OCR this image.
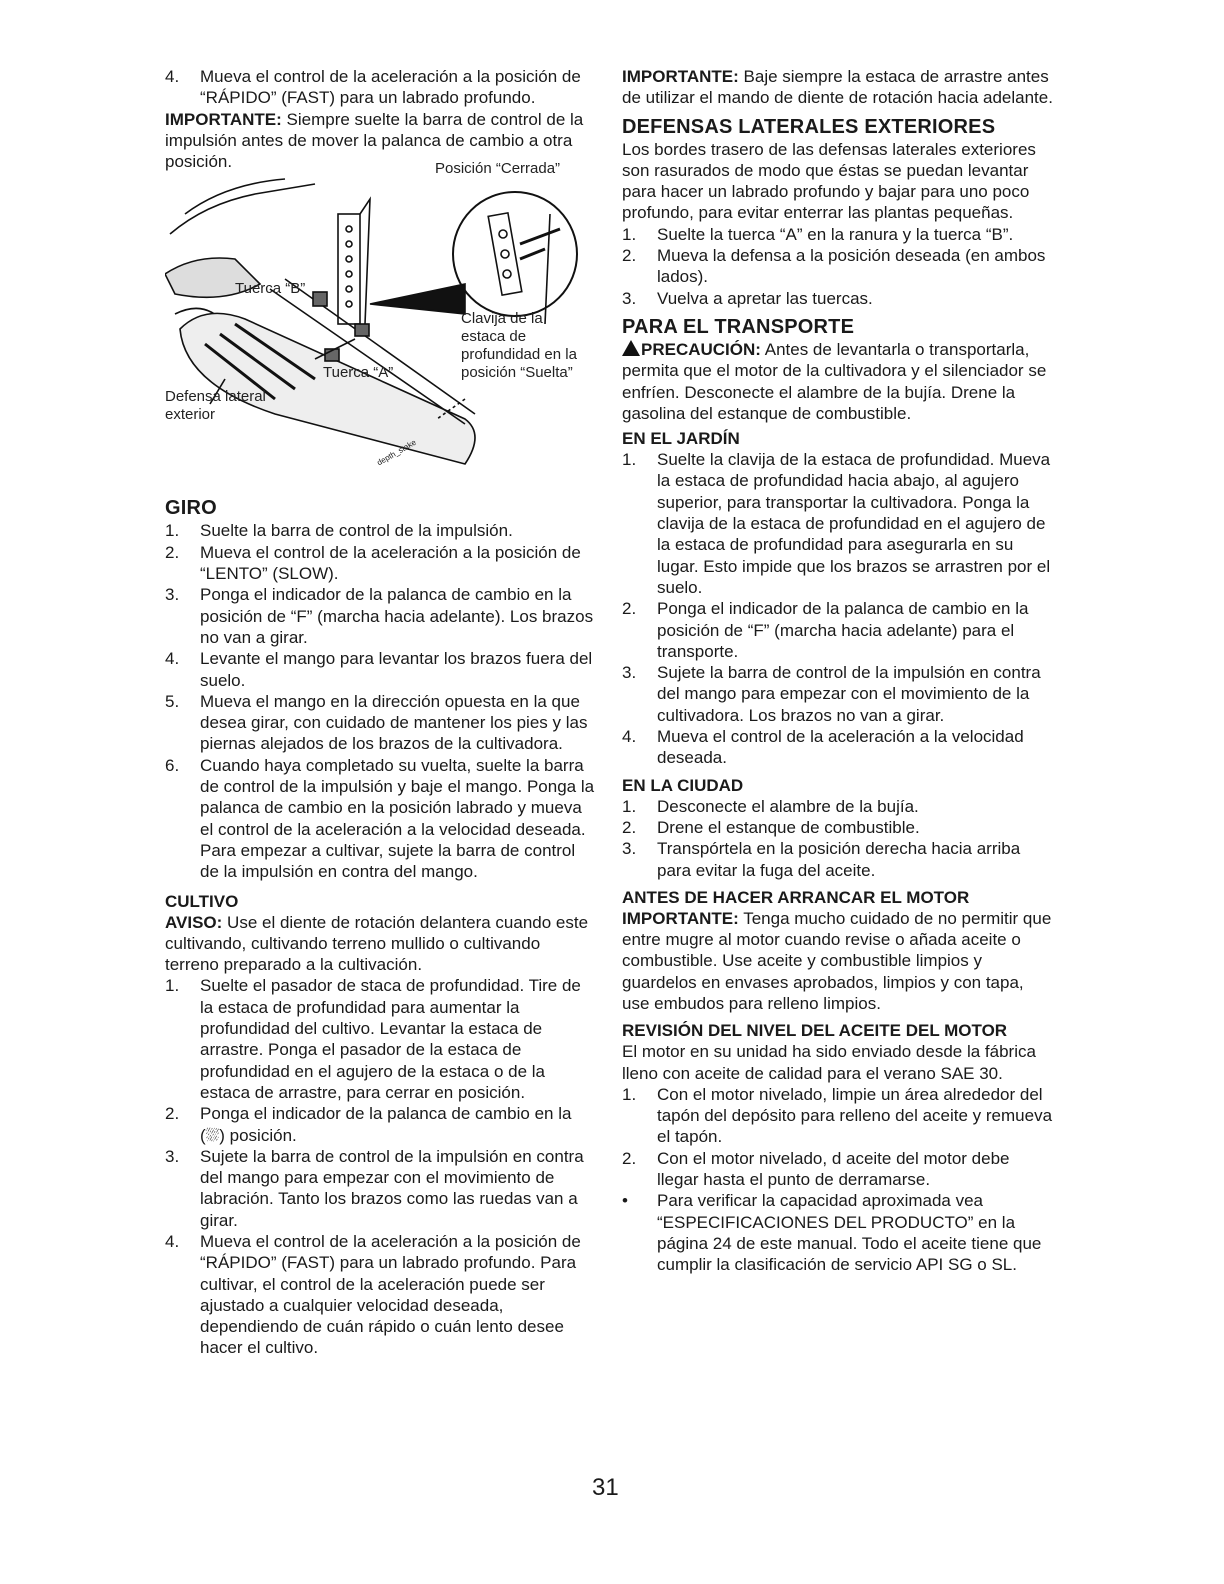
4. Mueva el control de la aceleración a la posición de “RÁPIDO” (FAST) para un labrado profundo.

IMPORTANTE: Siempre suelte la barra de control de la impulsión antes de mover la palanca de cambio a otra posición.	Posición “Cerrada”
Tuerca “B”
Tuerca “A”
Clavija de la estaca de profundidad en la posición “Suelta”
Defensa lateral exterior
depth_stake
GIRO
1. Suelte la barra de control de la impulsión.
2. Mueva el control de la aceleración a la posición de “LENTO” (SLOW).
3. Ponga el indicador de la palanca de cambio en la posición de “F” (marcha hacia adelante). Los brazos no van a girar.
4. Levante el mango para levantar los brazos fuera del suelo.
5. Mueva el mango en la dirección opuesta en la que desea girar, con cuidado de mantener los pies y las piernas alejados de los brazos de la cultivadora.
6. Cuando haya completado su vuelta, suelte la barra de control de la impulsión y baje el mango. Ponga la palanca de cambio en la posición labrado y mueva el control de la aceleración a la velocidad deseada. Para empezar a cultivar, sujete la barra de control de la impulsión en contra del mango.
CULTIVO

AVISO: Use el diente de rotación delantera cuando este cultivando, cultivando terreno mullido o cultivando terreno preparado a la cultivación.

1. Suelte el pasador de staca de profundidad. Tire de la estaca de profundidad para aumentar la profundidad del cultivo. Levantar la estaca de arrastre. Ponga el pasador de la estaca de profundidad en el agujero de la estaca o de la estaca de arrastre, para cerrar en posición.
2. Ponga el indicador de la palanca de cambio en la (⛆) posición.
3. Sujete la barra de control de la impulsión en contra del mango para empezar con el movimiento de labración. Tanto los brazos como las ruedas van a girar.
4. Mueva el control de la aceleración a la posición de “RÁPIDO” (FAST) para un labrado profundo. Para cultivar, el control de la aceleración puede ser ajustado a cualquier velocidad deseada, dependiendo de cuán rápido o cuán lento desee hacer el cultivo.

IMPORTANTE: Baje siempre la estaca de arrastre antes de utilizar el mando de diente de rotación hacia adelante.

DEFENSAS LATERALES EXTERIORES

Los bordes trasero de las defensas laterales exteriores son rasurados de modo que éstas se puedan levantar para hacer un labrado profundo y bajar para uno poco profundo, para evitar enterrar las plantas pequeñas.

1. Suelte la tuerca “A” en la ranura y la tuerca “B”.
2. Mueva la defensa a la posición deseada (en ambos lados).
3. Vuelva a apretar las tuercas.
PARA EL TRANSPORTE

PRECAUCIÓN: Antes de levantarla o transportarla, permita que el motor de la cultivadora y el silenciador se enfríen. Desconecte el alambre de la bujía. Drene la gasolina del estanque de combustible.

EN EL JARDÍN
1. Suelte la clavija de la estaca de profundidad. Mueva la estaca de profundidad hacia abajo, al agujero superior, para transportar la cultivadora. Ponga la clavija de la estaca de profundidad en el agujero de la estaca de profundidad para asegurarla en su lugar. Esto impide que los brazos se arrastren por el suelo.
2. Ponga el indicador de la palanca de cambio en la posición de “F” (marcha hacia adelante) para el transporte.
3. Sujete la barra de control de la impulsión en contra del mango para empezar con el movimiento de la cultivadora. Los brazos no van a girar.
4. Mueva el control de la aceleración a la velocidad deseada.
EN LA CIUDAD
1. Desconecte el alambre de la bujía.
2. Drene el estanque de combustible.
3. Transpórtela en la posición derecha hacia arriba para evitar la fuga del aceite.
ANTES DE HACER ARRANCAR EL MOTOR

IMPORTANTE: Tenga mucho cuidado de no permitir que entre mugre al motor cuando revise o añada aceite o combustible. Use aceite y combustible limpios y guardelos en envases aprobados, limpios y con tapa, use embudos para relleno limpios.

REVISIÓN DEL NIVEL DEL ACEITE DEL MOTOR

El motor en su unidad ha sido enviado desde la fábrica lleno con aceite de calidad para el verano SAE 30.

1. Con el motor nivelado, limpie un área alrededor del tapón del depósito para relleno del aceite y remueva el tapón.
2. Con el motor nivelado, d aceite del motor debe llegar hasta el punto de derramarse.
• Para verificar la capacidad aproximada vea “ESPECIFICACIONES DEL PRODUCTO” en la página 24 de este manual. Todo el aceite tiene que cumplir la clasificación de servicio API SG o SL.
31
